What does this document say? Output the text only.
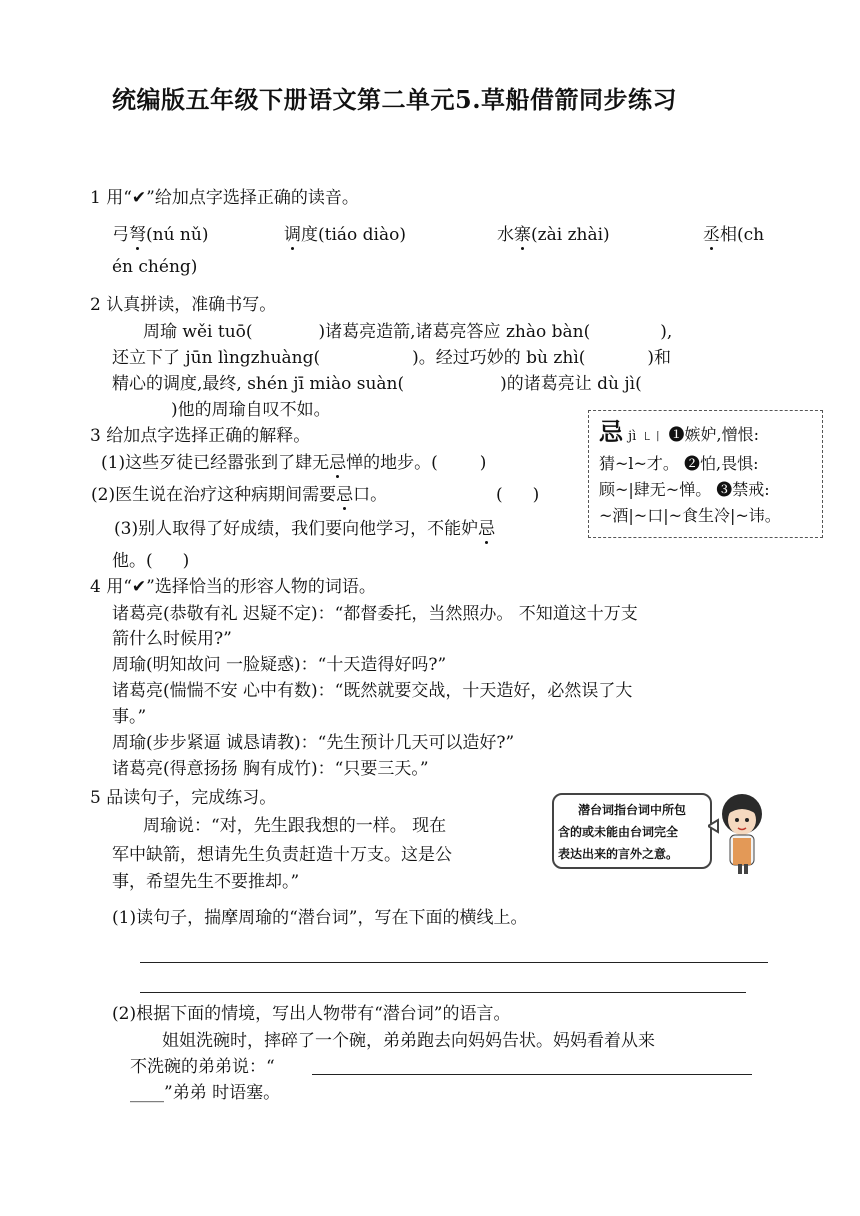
统编版五年级下册语文第二单元5.草船借箭同步练习
1 用“✔”给加点字选择正确的读音。
弓弩(nú nǔ)	调度(tiáo diào)	水寨(zài zhài)	丞相(ch
én chéng)
2 认真拼读，准确书写。
周瑜 wěi tuō(	)诸葛亮造箭,诸葛亮答应 zhào bàn(	),
还立下了 jūn lìngzhuàng(	)。经过巧妙的 bù zhì(	)和
精心的调度,最终, shén jī miào suàn(	)的诸葛亮让 dù jì(
)他的周瑜自叹不如。
3 给加点字选择正确的解释。
(1)这些歹徒已经嚣张到了肆无忌惮的地步。( )
(2)医生说在治疗这种病期间需要忌口。	( )
(3)别人取得了好成绩，我们要向他学习，不能妒忌
他。( )
忌 jì ㇄丨 ❶嫉妒,憎恨:
猜~l~才。 ❷怕,畏惧:
顾~|肆无~惮。 ❸禁戒:
~酒|~口|~食生冷|~讳。
4 用“✔”选择恰当的形容人物的词语。
诸葛亮(恭敬有礼 迟疑不定)：“都督委托，当然照办。 不知道这十万支
箭什么时候用?”
周瑜(明知故问 一脸疑惑)：“十天造得好吗?”
诸葛亮(惴惴不安 心中有数)：“既然就要交战，十天造好，必然误了大
事。”
周瑜(步步紧逼 诚恳请教)：“先生预计几天可以造好?”
诸葛亮(得意扬扬 胸有成竹)：“只要三天。”
5 品读句子，完成练习。
周瑜说：“对，先生跟我想的一样。 现在
军中缺箭，想请先生负责赶造十万支。这是公
事，希望先生不要推却。”
潜台词指台词中所包
含的或未能由台词完全
表达出来的言外之意。
(1)读句子，揣摩周瑜的“潜台词”，写在下面的横线上。
(2)根据下面的情境，写出人物带有“潜台词”的语言。
姐姐洗碗时，摔碎了一个碗，弟弟跑去向妈妈告状。妈妈看着从来
不洗碗的弟弟说：“
____”弟弟 时语塞。
